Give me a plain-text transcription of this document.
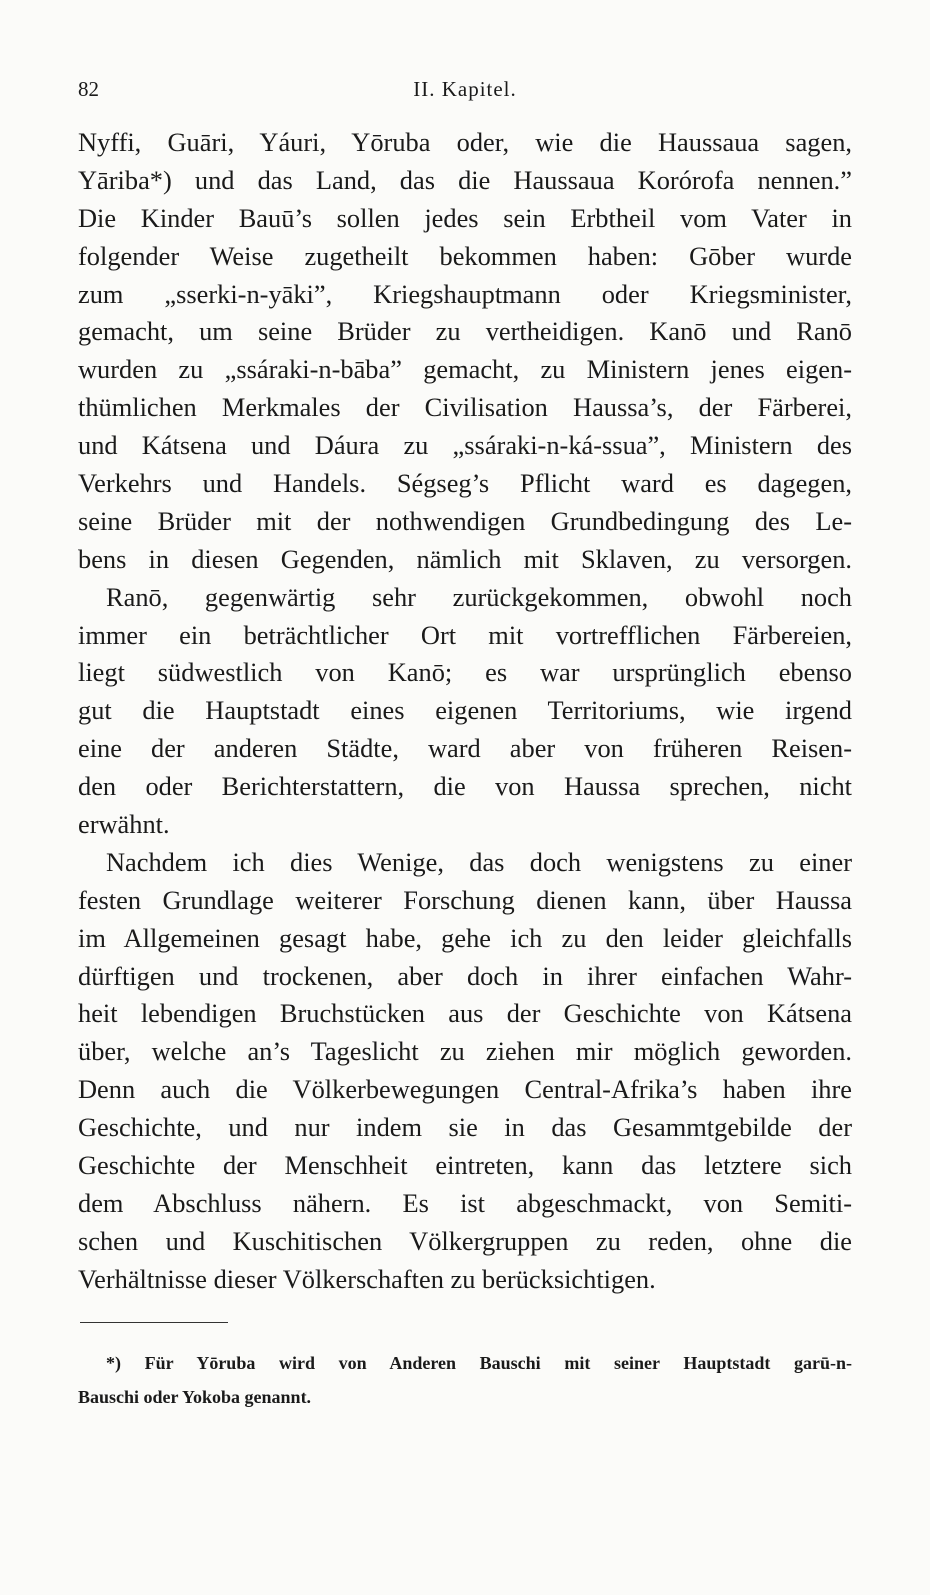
82	II. Kapitel.

Nyffi, Guāri, Yáuri, Yōruba oder, wie die Haussaua sagen,
Yāriba*) und das Land, das die Haussaua Korórofa nennen.”
Die Kinder Bauū’s sollen jedes sein Erbtheil vom Vater in
folgender Weise zugetheilt bekommen haben: Gōber wurde
zum „sserki-n-yāki”, Kriegshauptmann oder Kriegsminister,
gemacht, um seine Brüder zu vertheidigen. Kanō und Ranō
wurden zu „ssáraki-n-bāba” gemacht, zu Ministern jenes eigen-
thümlichen Merkmales der Civilisation Haussa’s, der Färberei,
und Kátsena und Dáura zu „ssáraki-n-ká-ssua”, Ministern des
Verkehrs und Handels. Ségseg’s Pflicht ward es dagegen,
seine Brüder mit der nothwendigen Grundbedingung des Le-
bens in diesen Gegenden, nämlich mit Sklaven, zu versorgen.

Ranō, gegenwärtig sehr zurückgekommen, obwohl noch
immer ein beträchtlicher Ort mit vortrefflichen Färbereien,
liegt südwestlich von Kanō; es war ursprünglich ebenso
gut die Hauptstadt eines eigenen Territoriums, wie irgend
eine der anderen Städte, ward aber von früheren Reisen-
den oder Berichterstattern, die von Haussa sprechen, nicht
erwähnt.

Nachdem ich dies Wenige, das doch wenigstens zu einer
festen Grundlage weiterer Forschung dienen kann, über Haussa
im Allgemeinen gesagt habe, gehe ich zu den leider gleichfalls
dürftigen und trockenen, aber doch in ihrer einfachen Wahr-
heit lebendigen Bruchstücken aus der Geschichte von Kátsena
über, welche an’s Tageslicht zu ziehen mir möglich geworden.
Denn auch die Völkerbewegungen Central-Afrika’s haben ihre
Geschichte, und nur indem sie in das Gesammtgebilde der
Geschichte der Menschheit eintreten, kann das letztere sich
dem Abschluss nähern. Es ist abgeschmackt, von Semiti-
schen und Kuschitischen Völkergruppen zu reden, ohne die
Verhältnisse dieser Völkerschaften zu berücksichtigen.

*) Für Yōruba wird von Anderen Bauschi mit seiner Hauptstadt garū-n-
Bauschi oder Yokoba genannt.
